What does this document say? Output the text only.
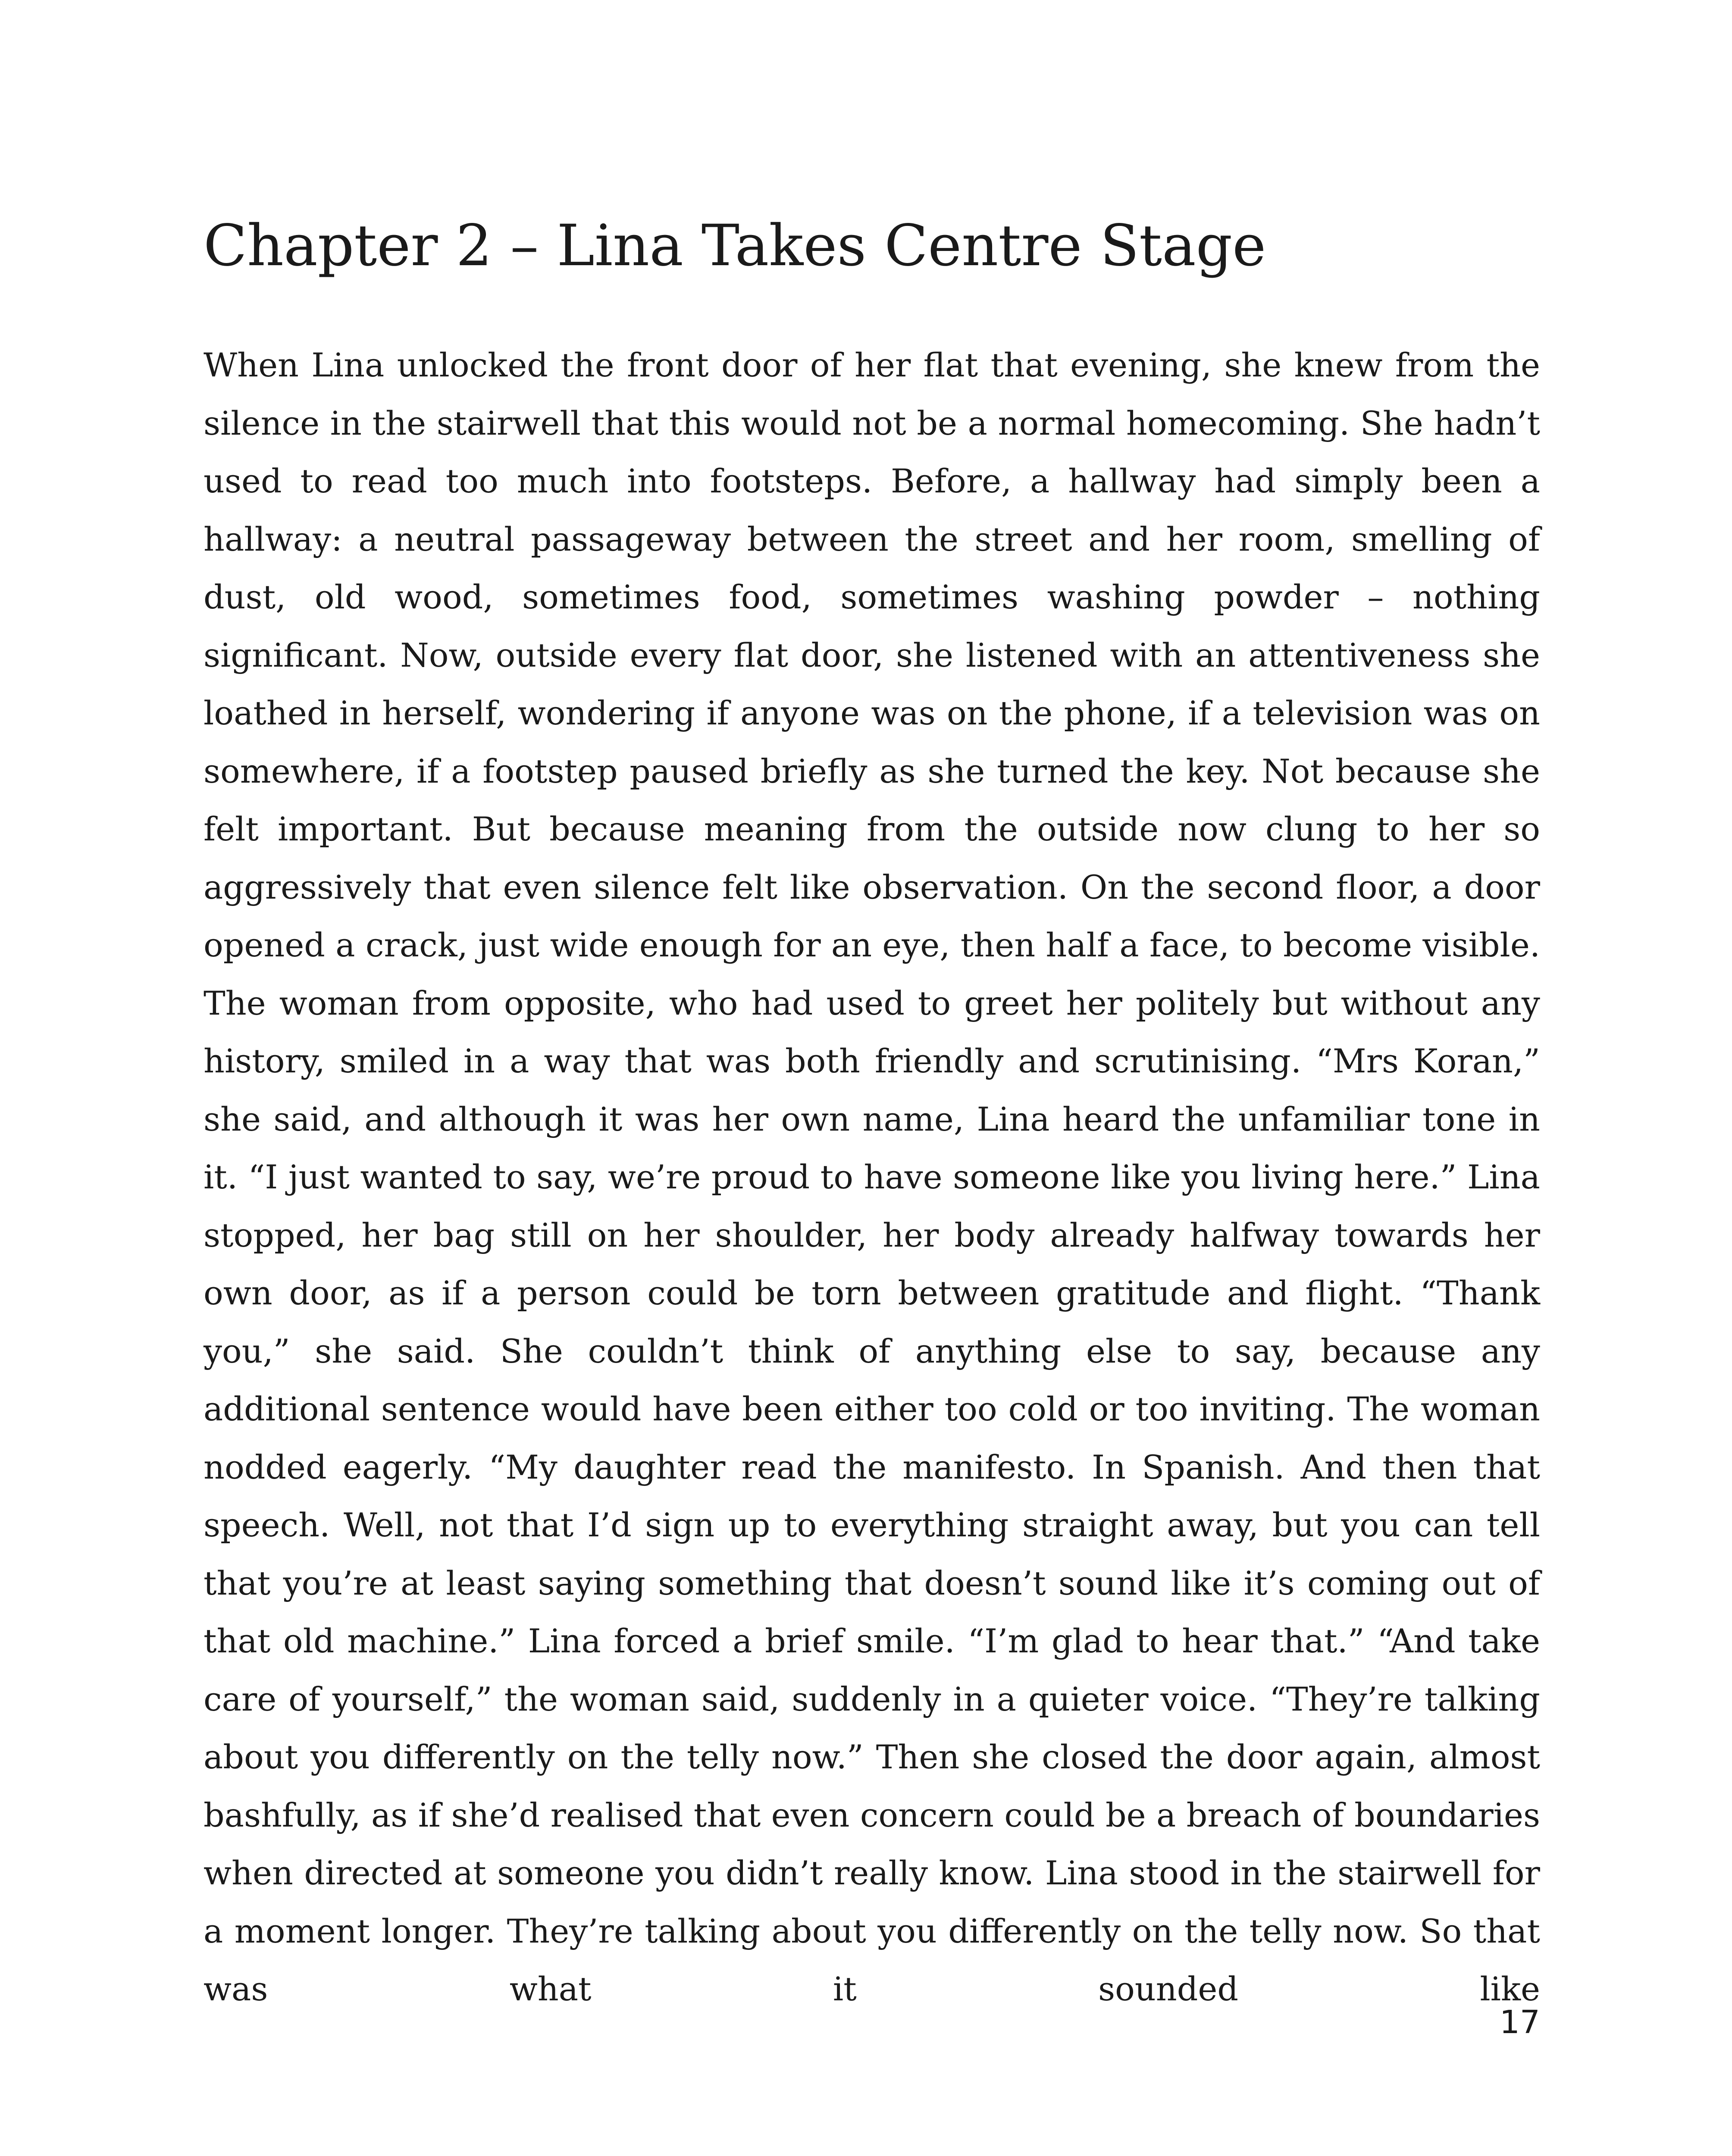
Chapter 2 – Lina Takes Centre Stage

When Lina unlocked the front door of her flat that evening, she knew from the silence in the stairwell that this would not be a normal homecoming. She hadn’t used to read too much into footsteps. Before, a hallway had simply been a hallway: a neutral passageway between the street and her room, smelling of dust, old wood, sometimes food, sometimes washing powder – nothing significant. Now, outside every flat door, she listened with an attentiveness she loathed in herself, wondering if anyone was on the phone, if a television was on somewhere, if a footstep paused briefly as she turned the key. Not because she felt important. But because meaning from the outside now clung to her so aggressively that even silence felt like observation. On the second floor, a door opened a crack, just wide enough for an eye, then half a face, to become visible. The woman from opposite, who had used to greet her politely but without any history, smiled in a way that was both friendly and scrutinising. “Mrs Koran,” she said, and although it was her own name, Lina heard the unfamiliar tone in it. “I just wanted to say, we’re proud to have someone like you living here.” Lina stopped, her bag still on her shoulder, her body already halfway towards her own door, as if a person could be torn between gratitude and flight. “Thank you,” she said. She couldn’t think of anything else to say, because any additional sentence would have been either too cold or too inviting. The woman nodded eagerly. “My daughter read the manifesto. In Spanish. And then that speech. Well, not that I’d sign up to everything straight away, but you can tell that you’re at least saying something that doesn’t sound like it’s coming out of that old machine.” Lina forced a brief smile. “I’m glad to hear that.” “And take care of yourself,” the woman said, suddenly in a quieter voice. “They’re talking about you differently on the telly now.” Then she closed the door again, almost bashfully, as if she’d realised that even concern could be a breach of boundaries when directed at someone you didn’t really know. Lina stood in the stairwell for a moment longer. They’re talking about you differently on the telly now. So that was what it sounded like

17
